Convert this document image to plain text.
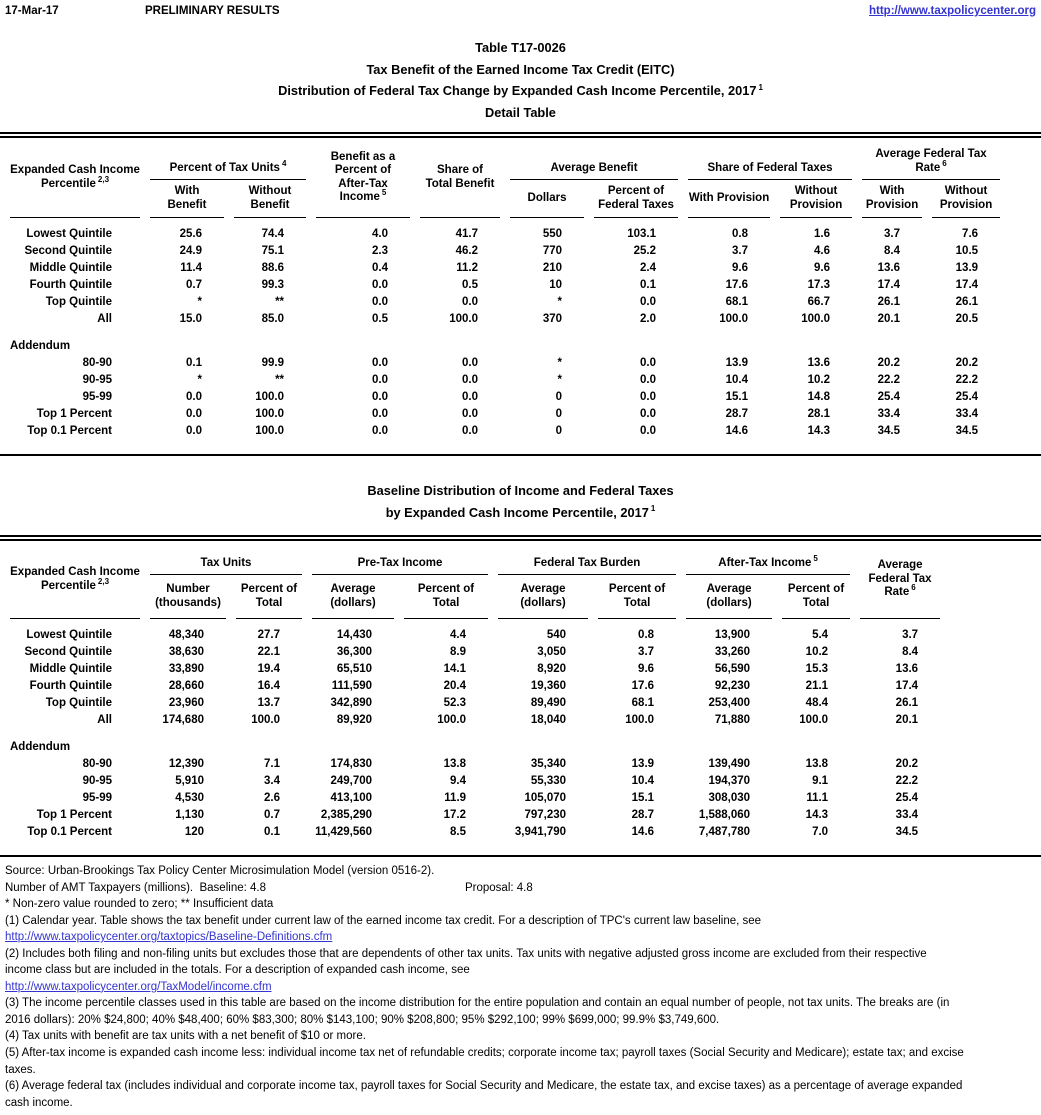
17-Mar-17	PRELIMINARY RESULTS	http://www.taxpolicycenter.org
Table T17-0026
Tax Benefit of the Earned Income Tax Credit (EITC)
Distribution of Federal Tax Change by Expanded Cash Income Percentile, 2017 $^1$
Detail Table
Expanded Cash Income
Percentile $^{2,3}$
	Percent of Tax Units $^4$	
Benefit as a
Percent of
After-Tax
Income $^5$

Share of
Total Benefit
	Average Benefit	Share of Federal Taxes	Average Federal Tax Rate $^6$

With
Benefit

Without
Benefit

Dollars

Percent of
Federal Taxes

With Provision

Without
Provision

With
Provision

Without
Provision

Lowest Quintile	25.6	74.4	4.0	41.7	550	103.1	0.8	1.6	3.7	7.6
Second Quintile	24.9	75.1	2.3	46.2	770	25.2	3.7	4.6	8.4	10.5
Middle Quintile	11.4	88.6	0.4	11.2	210	2.4	9.6	9.6	13.6	13.9
Fourth Quintile	0.7	99.3	0.0	0.5	10	0.1	17.6	17.3	17.4	17.4
Top Quintile	*	**	0.0	0.0	*	0.0	68.1	66.7	26.1	26.1
All	15.0	85.0	0.5	100.0	370	2.0	100.0	100.0	20.1	20.5

Addendum										
80-90	0.1	99.9	0.0	0.0	*	0.0	13.9	13.6	20.2	20.2
90-95	*	**	0.0	0.0	*	0.0	10.4	10.2	22.2	22.2
95-99	0.0	100.0	0.0	0.0	0	0.0	15.1	14.8	25.4	25.4
Top 1 Percent	0.0	100.0	0.0	0.0	0	0.0	28.7	28.1	33.4	33.4
Top 0.1 Percent	0.0	100.0	0.0	0.0	0	0.0	14.6	14.3	34.5	34.5
Baseline Distribution of Income and Federal Taxes
by Expanded Cash Income Percentile, 2017 $^1$
Expanded Cash Income
Percentile $^{2,3}$
	Tax Units	Pre-Tax Income	Federal Tax Burden	After-Tax Income $^5$	
Average
Federal Tax
Rate $^6$

Number
(thousands)

Percent of
Total

Average
(dollars)

Percent of
Total

Average
(dollars)

Percent of
Total

Average
(dollars)

Percent of
Total

Lowest Quintile	48,340	27.7	14,430	4.4	540	0.8	13,900	5.4	3.7
Second Quintile	38,630	22.1	36,300	8.9	3,050	3.7	33,260	10.2	8.4
Middle Quintile	33,890	19.4	65,510	14.1	8,920	9.6	56,590	15.3	13.6
Fourth Quintile	28,660	16.4	111,590	20.4	19,360	17.6	92,230	21.1	17.4
Top Quintile	23,960	13.7	342,890	52.3	89,490	68.1	253,400	48.4	26.1
All	174,680	100.0	89,920	100.0	18,040	100.0	71,880	100.0	20.1

Addendum									
80-90	12,390	7.1	174,830	13.8	35,340	13.9	139,490	13.8	20.2
90-95	5,910	3.4	249,700	9.4	55,330	10.4	194,370	9.1	22.2
95-99	4,530	2.6	413,100	11.9	105,070	15.1	308,030	11.1	25.4
Top 1 Percent	1,130	0.7	2,385,290	17.2	797,230	28.7	1,588,060	14.3	33.4
Top 0.1 Percent	120	0.1	11,429,560	8.5	3,941,790	14.6	7,487,780	7.0	34.5

Source: Urban-Brookings Tax Policy Center Microsimulation Model (version 0516-2).

Number of AMT Taxpayers (millions).  Baseline: 4.8	Proposal: 4.8

* Non-zero value rounded to zero; ** Insufficient data

(1) Calendar year. Table shows the tax benefit under current law of the earned income tax credit. For a description of TPC's current law baseline, see

http://www.taxpolicycenter.org/taxtopics/Baseline-Definitions.cfm

(2) Includes both filing and non-filing units but excludes those that are dependents of other tax units. Tax units with negative adjusted gross income are excluded from their respective

income class but are included in the totals. For a description of expanded cash income, see

http://www.taxpolicycenter.org/TaxModel/income.cfm

(3) The income percentile classes used in this table are based on the income distribution for the entire population and contain an equal number of people, not tax units. The breaks are (in

2016 dollars): 20% $24,800; 40% $48,400; 60% $83,300; 80% $143,100; 90% $208,800; 95% $292,100; 99% $699,000; 99.9% $3,749,600.

(4) Tax units with benefit are tax units with a net benefit of $10 or more.

(5) After-tax income is expanded cash income less: individual income tax net of refundable credits; corporate income tax; payroll taxes (Social Security and Medicare); estate tax; and excise

taxes.

(6) Average federal tax (includes individual and corporate income tax, payroll taxes for Social Security and Medicare, the estate tax, and excise taxes) as a percentage of average expanded

cash income.
